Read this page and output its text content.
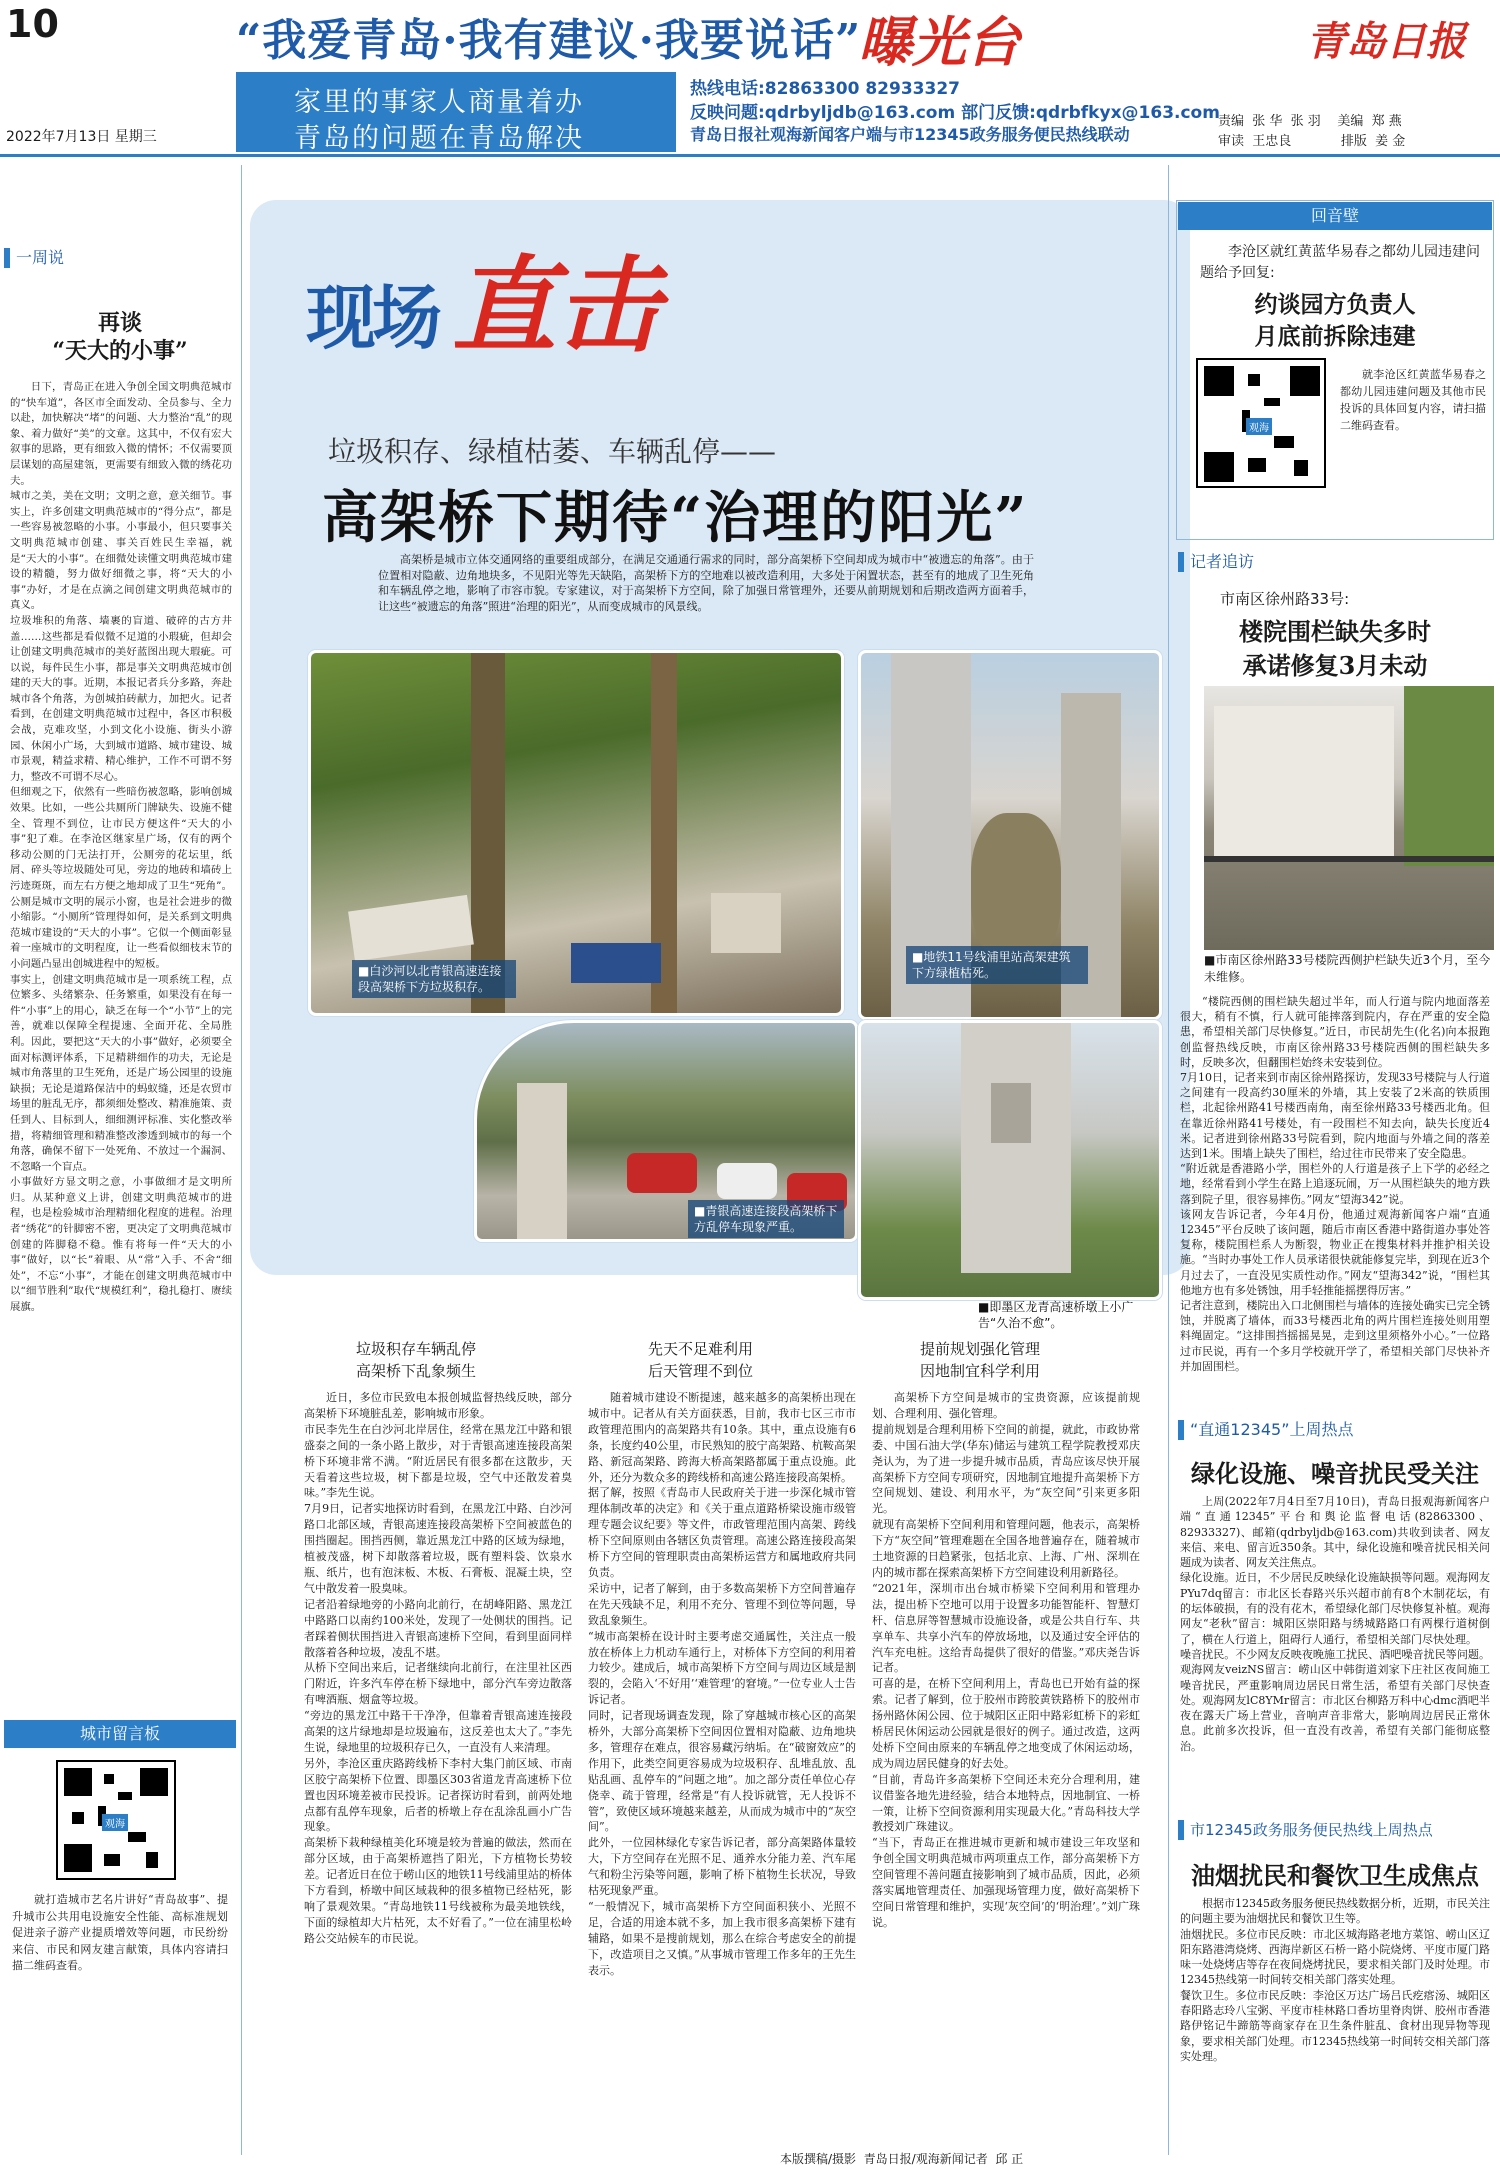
10	“我爱青岛·我有建议·我要说话”
曝光台	青岛日报
家里的事家人商量着办
青岛的问题在青岛解决
热线电话:82863300 82933327
反映问题:qdrbyljdb@163.com 部门反馈:qdrbfkyx@163.com
青岛日报社观海新闻客户端与市12345政务服务便民热线联动
2022年7月13日 星期三
责编  张 华  张 羽    美编  郑 燕
审读  王忠良            排版  姜 金
一周说
再谈
“天大的小事”
日下，青岛正在进入争创全国文明典范城市的“快车道”，各区市全面发动、全员参与、全力以赴，加快解决“堵”的问题、大力整治“乱”的现象、着力做好“美”的文章。这其中，不仅有宏大叙事的思路，更有细致入微的情怀；不仅需要顶层谋划的高屋建瓴，更需要有细致入微的绣花功夫。
城市之美，美在文明；文明之意，意关细节。事实上，许多创建文明典范城市的“得分点”，都是一些容易被忽略的小事。小事最小，但只要事关文明典范城市创建、事关百姓民生幸福，就是“天大的小事”。在细微处读懂文明典范城市建设的精髓，努力做好细微之事，将“天大的小事”办好，才是在点滴之间创建文明典范城市的真义。
垃圾堆积的角落、墙裹的盲道、破碎的古方井盖……这些都是看似微不足道的小瑕疵，但却会让创建文明典范城市的美好蓝图出现大瑕疵。可以说，每件民生小事，都是事关文明典范城市创建的天大的事。近期，本报记者兵分多路，奔赴城市各个角落，为创城拍砖献力，加把火。记者看到，在创建文明典范城市过程中，各区市积极会战，克难攻坚，小到文化小设施、街头小游园、休闲小广场，大到城市道路、城市建设、城市景观，精益求精、精心维护，工作不可谓不努力，整改不可谓不尽心。
但细观之下，依然有一些暗伤被忽略，影响创城效果。比如，一些公共厕所门牌缺失、设施不健全、管理不到位，让市民方便这件“天大的小事”犯了难。在李沧区继家星广场，仅有的两个移动公厕的门无法打开，公厕旁的花坛里，纸屑、碎头等垃圾随处可见，旁边的地砖和墙砖上污迹斑斑，而左右方便之地却成了卫生“死角”。公厕是城市文明的展示小窗，也是社会进步的微小缩影。“小厕所”管理得如何，是关系到文明典范城市建设的“天大的小事”。它似一个侧面彰显着一座城市的文明程度，让一些看似细枝末节的小问题凸显出创城进程中的短板。
事实上，创建文明典范城市是一项系统工程，点位繁多、头绪繁杂、任务繁重，如果没有在每一件“小事”上的用心，缺乏在每一个“小节”上的完善，就难以保障全程提速、全面开花、全局胜利。因此，要把这“天大的小事”做好，必须要全面对标测评体系，下足精耕细作的功夫，无论是城市角落里的卫生死角，还是广场公园里的设施缺损；无论是道路保洁中的蚂蚁缝，还是农贸市场里的脏乱无序，都须细处整改、精准施策、责任到人、目标到人，细细测评标准、实化整改举措，将精细管理和精准整改渗透到城市的每一个角落，确保不留下一处死角、不放过一个漏洞、不忽略一个盲点。
小事做好方显文明之意，小事做细才是文明所归。从某种意义上讲，创建文明典范城市的进程，也是检验城市治理精细化程度的进程。治理者“绣花”的针脚密不密，更决定了文明典范城市创建的阵脚稳不稳。惟有将每一件“天大的小事”做好，以“长”着眼、从“常”入手、不舍“细处”，不忘“小事”，才能在创建文明典范城市中以“细节胜利”取代“规模红利”，稳扎稳打、赓续展旗。
城市留言板
观海
就打造城市艺名片讲好“青岛故事”、提升城市公共用电设施安全性能、高标准规划促进亲子游产业提质增效等问题，市民纷纷来信、市民和网友建言献策，具体内容请扫描二维码查看。
现场 直击
垃圾积存、绿植枯萎、车辆乱停——
高架桥下期待“治理的阳光”
高架桥是城市立体交通网络的重要组成部分，在满足交通通行需求的同时，部分高架桥下空间却成为城市中“被遗忘的角落”。由于位置相对隐蔽、边角地块多，不见阳光等先天缺陷，高架桥下方的空地难以被改造利用，大多处于闲置状态，甚至有的地成了卫生死角和车辆乱停之地，影响了市容市貌。专家建议，对于高架桥下方空间，除了加强日常管理外，还要从前期规划和后期改造两方面着手，让这些“被遗忘的角落”照进“治理的阳光”，从而变成城市的风景线。
■白沙河以北青银高速连接段高架桥下方垃圾积存。
■地铁11号线浦里站高架建筑下方绿植枯死。
■青银高速连接段高架桥下方乱停车现象严重。
■即墨区龙青高速桥墩上小广告“久治不愈”。
垃圾积存车辆乱停
高架桥下乱象频生
先天不足难利用
后天管理不到位
提前规划强化管理
因地制宜科学利用
近日，多位市民致电本报创城监督热线反映，部分高架桥下环境脏乱差，影响城市形象。
市民李先生在白沙河北岸居住，经常在黑龙江中路和银盛泰之间的一条小路上散步，对于青银高速连接段高架桥下环境非常不满。“附近居民有很多都在这散步，天天看着这些垃圾，树下都是垃圾，空气中还散发着臭味。”李先生说。
7月9日，记者实地探访时看到，在黑龙江中路、白沙河路口北部区域，青银高速连接段高架桥下空间被蓝色的围挡圈起。围挡西侧，靠近黑龙江中路的区域为绿地，植被茂盛，树下却散落着垃圾，既有塑料袋、饮泉水瓶、纸片，也有泡沫板、木板、石膏板、混凝土块，空气中散发着一股臭味。
记者沿着绿地旁的小路向北前行，在胡峰阳路、黑龙江中路路口以南约100米处，发现了一处侧状的围挡。记者踩着侧状围挡进入青银高速桥下空间，看到里面同样散落着各种垃圾，凌乱不堪。
从桥下空间出来后，记者继续向北前行，在注里社区西门附近，许多汽车停在桥下绿地中，部分汽车旁边散落有啤酒瓶、烟盒等垃圾。
“旁边的黑龙江中路干干净净，但靠着青银高速连接段高架的这片绿地却是垃圾遍布，这反差也太大了。”李先生说，绿地里的垃圾积存已久，一直没有人来清理。
另外，李沧区重庆路跨线桥下李村大集门前区域、市南区胶宁高架桥下位置、即墨区303省道龙青高速桥下位置也因环境差被市民投诉。记者探访时看到，前两处地点都有乱停车现象，后者的桥墩上存在乱涂乱画小广告现象。
高架桥下栽种绿植美化环境是较为普遍的做法，然而在部分区域，由于高架桥遮挡了阳光，下方植物长势较差。记者近日在位于崂山区的地铁11号线浦里站的桥体下方看到，桥墩中间区域栽种的很多植物已经枯死，影响了景观效果。“青岛地铁11号线被称为最美地铁线，下面的绿植却大片枯死，太不好看了。”一位在浦里松岭路公交站候车的市民说。
随着城市建设不断提速，越来越多的高架桥出现在城市中。记者从有关方面获悉，目前，我市七区三市市政管理范围内的高架路共有10条。其中，重点设施有6条，长度约40公里，市民熟知的胶宁高架路、杭鞍高架路、新冠高架路、跨海大桥高架路都属于重点设施。此外，还分为数众多的跨线桥和高速公路连接段高架桥。
据了解，按照《青岛市人民政府关于进一步深化城市管理体制改革的决定》和《关于重点道路桥梁设施市级管理专题会议纪要》等文件，市政管理范围内高架、跨线桥下空间原则由各辖区负责管理。高速公路连接段高架桥下方空间的管理职责由高架桥运营方和属地政府共同负责。
采访中，记者了解到，由于多数高架桥下方空间普遍存在先天残缺不足，利用不充分、管理不到位等问题，导致乱象频生。
“城市高架桥在设计时主要考虑交通属性，关注点一般放在桥体上力机动车通行上，对桥体下方空间的利用着力较少。建成后，城市高架桥下方空间与周边区域是割裂的，会陷入‘不好用’‘难管理’的窘境。”一位专业人士告诉记者。
同时，记者现场调查发现，除了穿越城市核心区的高架桥外，大部分高架桥下空间因位置相对隐蔽、边角地块多，管理存在难点，很容易藏污纳垢。在“破窗效应”的作用下，此类空间更容易成为垃圾积存、乱堆乱放、乱贴乱画、乱停车的“问题之地”。加之部分责任单位心存侥幸、疏于管理，经常是“有人投诉就管，无人投诉不管”，致使区域环境越来越差，从而成为城市中的“灰空间”。
此外，一位园林绿化专家告诉记者，部分高架路体量较大，下方空间存在光照不足、通养水分能力差、汽车尾气和粉尘污染等问题，影响了桥下植物生长状况，导致枯死现象严重。
“一般情况下，城市高架桥下方空间面积狭小、光照不足，合适的用途本就不多，加上我市很多高架桥下建有辅路，如果不是搜前规划，那么在综合考虑安全的前提下，改造项目之又慎。”从事城市管理工作多年的王先生表示。
高架桥下方空间是城市的宝贵资源，应该提前规划、合理利用、强化管理。
提前规划是合理利用桥下空间的前提，就此，市政协常委、中国石油大学(华东)储运与建筑工程学院教授邓庆尧认为，为了进一步提升城市品质，青岛应该尽快开展高架桥下方空间专项研究，因地制宜地提升高架桥下方空间规划、建设、利用水平，为“灰空间”引来更多阳光。
就现有高架桥下空间利用和管理问题，他表示，高架桥下方“灰空间”管理难题在全国各地普遍存在，随着城市土地资源的日趋紧张，包括北京、上海、广州、深圳在内的城市都在探索高架桥下方空间建设利用新路径。
“2021年，深圳市出台城市桥梁下空间利用和管理办法，提出桥下空地可以用于设置多功能智能杆、智慧灯杆、信息屏等智慧城市设施设备，或是公共自行车、共享单车、共享小汽车的停放场地，以及通过安全评估的汽车充电桩。这给青岛提供了很好的借鉴。”邓庆尧告诉记者。
可喜的是，在桥下空间利用上，青岛也已开始有益的探索。记者了解到，位于胶州市跨胶黄铁路桥下的胶州市扬州路休闲公园、位于城阳区正阳中路彩虹桥下的彩虹桥居民休闲运动公园就是很好的例子。通过改造，这两处桥下空间由原来的车辆乱停之地变成了休闲运动场，成为周边居民健身的好去处。
“目前，青岛许多高架桥下空间还未充分合理利用，建议借鉴各地先进经验，结合本地特点，因地制宜、一桥一策，让桥下空间资源利用实现最大化。”青岛科技大学教授刘广珠建议。
“当下，青岛正在推进城市更新和城市建设三年攻坚和争创全国文明典范城市两项重点工作，部分高架桥下方空间管理不善问题直接影响到了城市品质，因此，必须落实属地管理责任、加强现场管理力度，做好高架桥下空间日常管理和维护，实现‘灰空间’的‘明治理’。”刘广珠说。
本版撰稿/摄影  青岛日报/观海新闻记者  邱 正
回音壁
李沧区就红黄蓝华易春之都幼儿园违建问题给予回复:
约谈园方负责人
月底前拆除违建
观海
就李沧区红黄蓝华易春之都幼儿园违建问题及其他市民投诉的具体回复内容，请扫描二维码查看。
记者追访
市南区徐州路33号:
楼院围栏缺失多时
承诺修复3月未动
■市南区徐州路33号楼院西侧护栏缺失近3个月，至今未维修。
“楼院西侧的围栏缺失超过半年，而人行道与院内地面落差很大，稍有不慎，行人就可能摔落到院内，存在严重的安全隐患，希望相关部门尽快修复。”近日，市民胡先生(化名)向本报跑创监督热线反映，市南区徐州路33号楼院西侧的围栏缺失多时，反映多次，但翻围栏始终未安装到位。
7月10日，记者来到市南区徐州路探访，发现33号楼院与人行道之间建有一段高约30厘米的外墙，其上安装了2米高的铁质围栏，北起徐州路41号楼西南角，南至徐州路33号楼西北角。但在靠近徐州路41号楼处，有一段围栏不知去向，缺失长度近4米。记者进到徐州路33号院看到，院内地面与外墙之间的落差达到1米。围墙上缺失了围栏，给过往市民带来了安全隐患。
“附近就是香港路小学，围栏外的人行道是孩子上下学的必经之地，经常看到小学生在路上追逐玩闹，万一从围栏缺失的地方跌落到院子里，很容易摔伤。”网友“望海342”说。
该网友告诉记者，今年4月份，他通过观海新闻客户端“直通12345”平台反映了该问题，随后市南区香港中路街道办事处答复称，楼院围栏系人为断裂，物业正在搜集材料并推护相关设施。“当时办事处工作人员承诺很快就能修复完毕，到现在近3个月过去了，一直没见实质性动作。”网友“望海342”说，“围栏其他地方也有多处锈蚀，用手轻推能摇摆得厉害。”
记者注意到，楼院出入口北侧围栏与墙体的连接处确实已完全锈蚀，并脱离了墙体，而33号楼西北角的两片围栏连接处则用塑料绳固定。“这排围挡摇摇晃晃，走到这里须格外小心。”一位路过市民说，再有一个多月学校就开学了，希望相关部门尽快补齐并加固围栏。
“直通12345”上周热点
绿化设施、噪音扰民受关注
上周(2022年7月4日至7月10日)，青岛日报观海新闻客户端“直通12345”平台和舆论监督电话(82863300、82933327)、邮箱(qdrbyljdb@163.com)共收到读者、网友来信、来电、留言近350条。其中，绿化设施和噪音扰民相关问题成为读者、网友关注焦点。
绿化设施。近日，不少居民反映绿化设施缺损等问题。观海网友PYu7dq留言：市北区长春路兴乐兴超市前有8个木制花坛，有的坛体破损，有的没有花木，希望绿化部门尽快修复补植。观海网友“老秋”留言：城阳区崇阳路与绣城路路口有两棵行道树倒了，横在人行道上，阻碍行人通行，希望相关部门尽快处理。
噪音扰民。不少网友反映夜晚施工扰民、酒吧噪音扰民等问题。观海网友veizNS留言：崂山区中韩街道刘家下庄社区夜间施工噪音扰民，严重影响周边居民日常生活，希望有关部门尽快查处。观海网友lC8YMr留言：市北区台柳路万科中心dmc酒吧半夜在露天广场上营业，音响声音非常大，影响周边居民正常休息。此前多次投诉，但一直没有改善，希望有关部门能彻底整治。
市12345政务服务便民热线上周热点
油烟扰民和餐饮卫生成焦点
根据市12345政务服务便民热线数据分析，近期，市民关注的问题主要为油烟扰民和餐饮卫生等。
油烟扰民。多位市民反映：市北区城海路老地方菜馆、崂山区辽阳东路港湾烧烤、西海岸新区石桥一路小院烧烤、平度市厦门路味一处烧烤店等存在夜间烧烤扰民，要求相关部门及时处理。市12345热线第一时间转交相关部门落实处理。
餐饮卫生。多位市民反映：李沧区万达广场吕氏疙瘩汤、城阳区春阳路志玲八宝粥、平度市桂林路口香坊里脊肉饼、胶州市香港路伊铭记牛蹄筋等商家存在卫生条件脏乱、食材出现异物等现象，要求相关部门处理。市12345热线第一时间转交相关部门落实处理。
